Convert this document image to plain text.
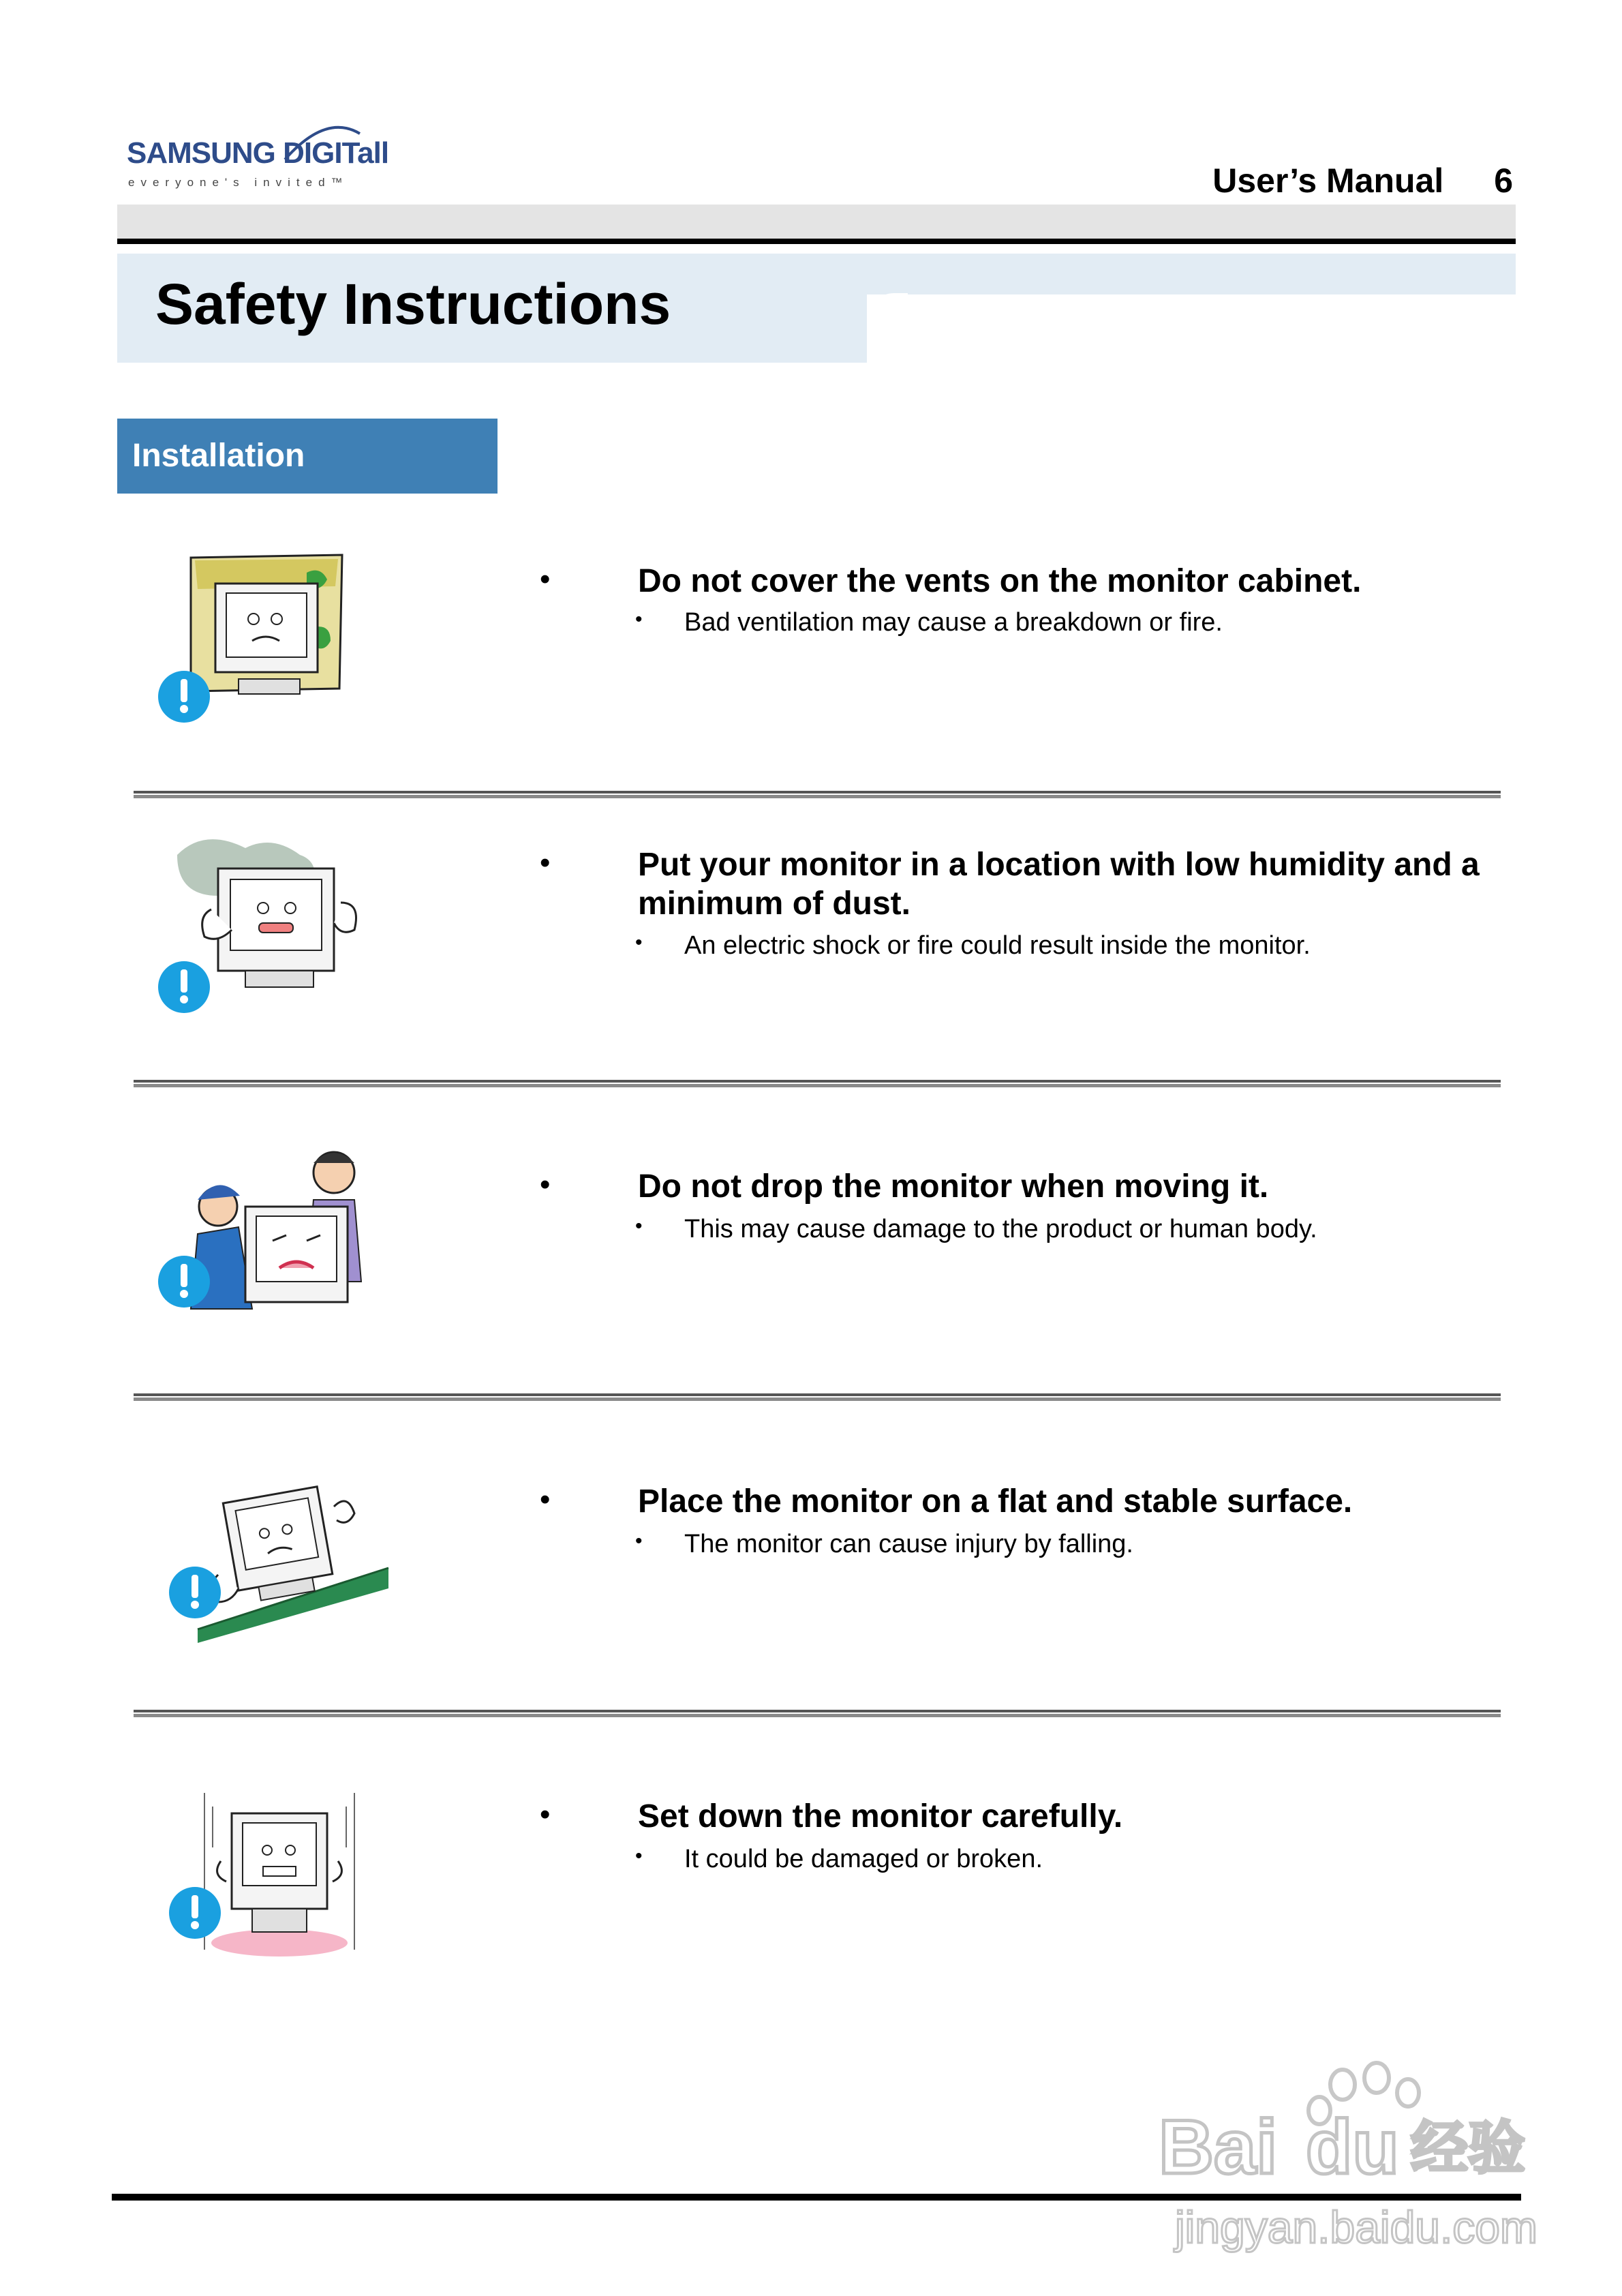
SAMSUNG DIGITall
everyone's invited™	User’s Manual 6
Safety Instructions
Installation
•	Do not cover the vents on the monitor cabinet.
• Bad ventilation may cause a breakdown or fire.
•	Put your monitor in a location with low humidity and a minimum of dust.
• An electric shock or fire could result inside the monitor.
•	Do not drop the monitor when moving it.
• This may cause damage to the product or human body.
•	Place the monitor on a flat and stable surface.
• The monitor can cause injury by falling.
•	Set down the monitor carefully.
• It could be damaged or broken.
Bai du 经验
jingyan.baidu.com
